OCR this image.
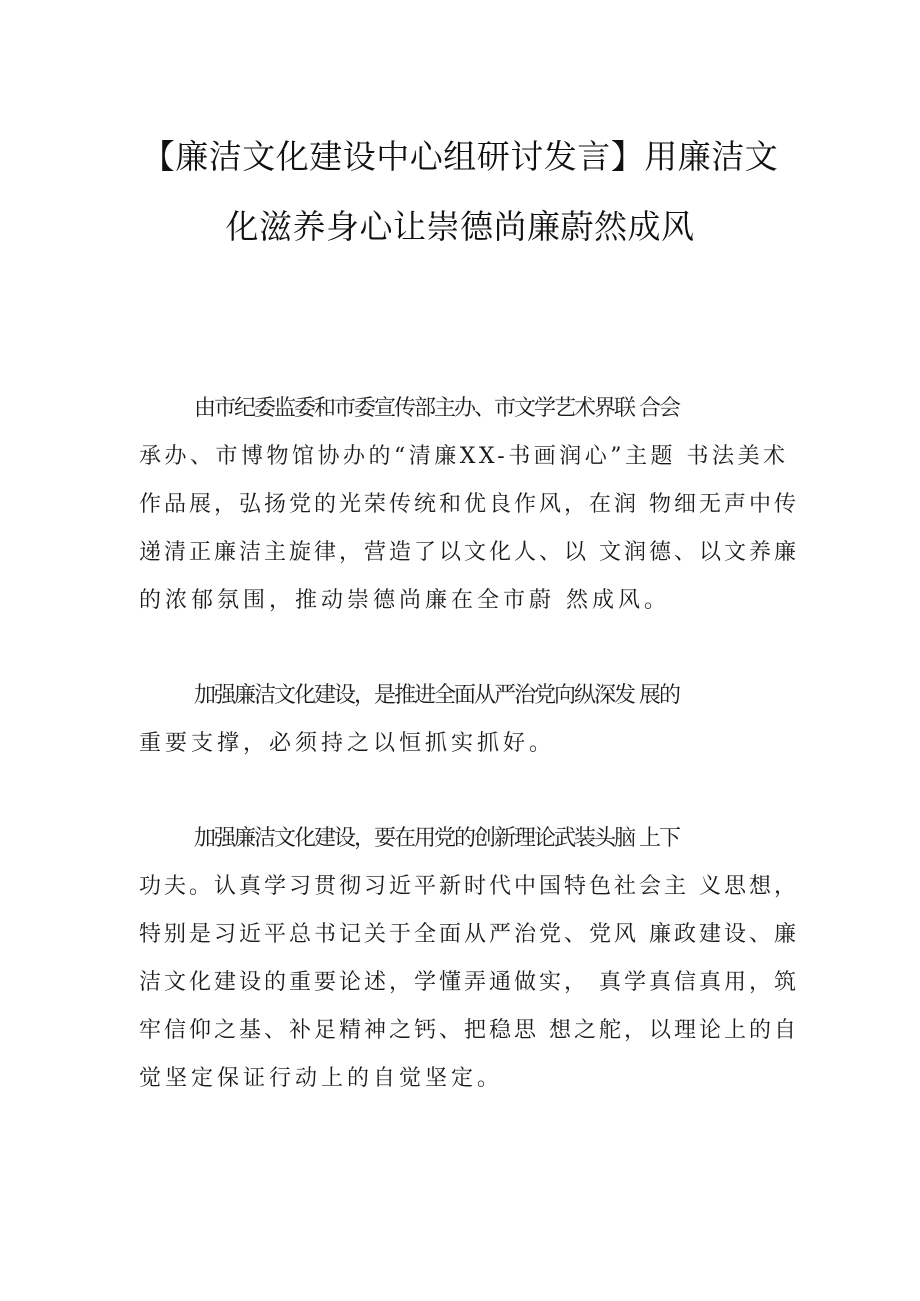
【廉洁文化建设中心组研讨发言】用廉洁文
化滋养身心让崇德尚廉蔚然成风
由市纪委监委和市委宣传部主办、市文学艺术界联 合会
承办、市博物馆协办的“清廉XX-书画润心”主题 书法美术
作品展，弘扬党的光荣传统和优良作风，在润 物细无声中传
递清正廉洁主旋律，营造了以文化人、以 文润德、以文养廉
的浓郁氛围，推动崇德尚廉在全市蔚 然成风。
加强廉洁文化建设，是推进全面从严治党向纵深发 展的
重要支撑，必须持之以恒抓实抓好。
加强廉洁文化建设，要在用党的创新理论武装头脑 上下
功夫。认真学习贯彻习近平新时代中国特色社会主 义思想，
特别是习近平总书记关于全面从严治党、党风 廉政建设、廉
洁文化建设的重要论述，学懂弄通做实， 真学真信真用，筑
牢信仰之基、补足精神之钙、把稳思 想之舵，以理论上的自
觉坚定保证行动上的自觉坚定。
